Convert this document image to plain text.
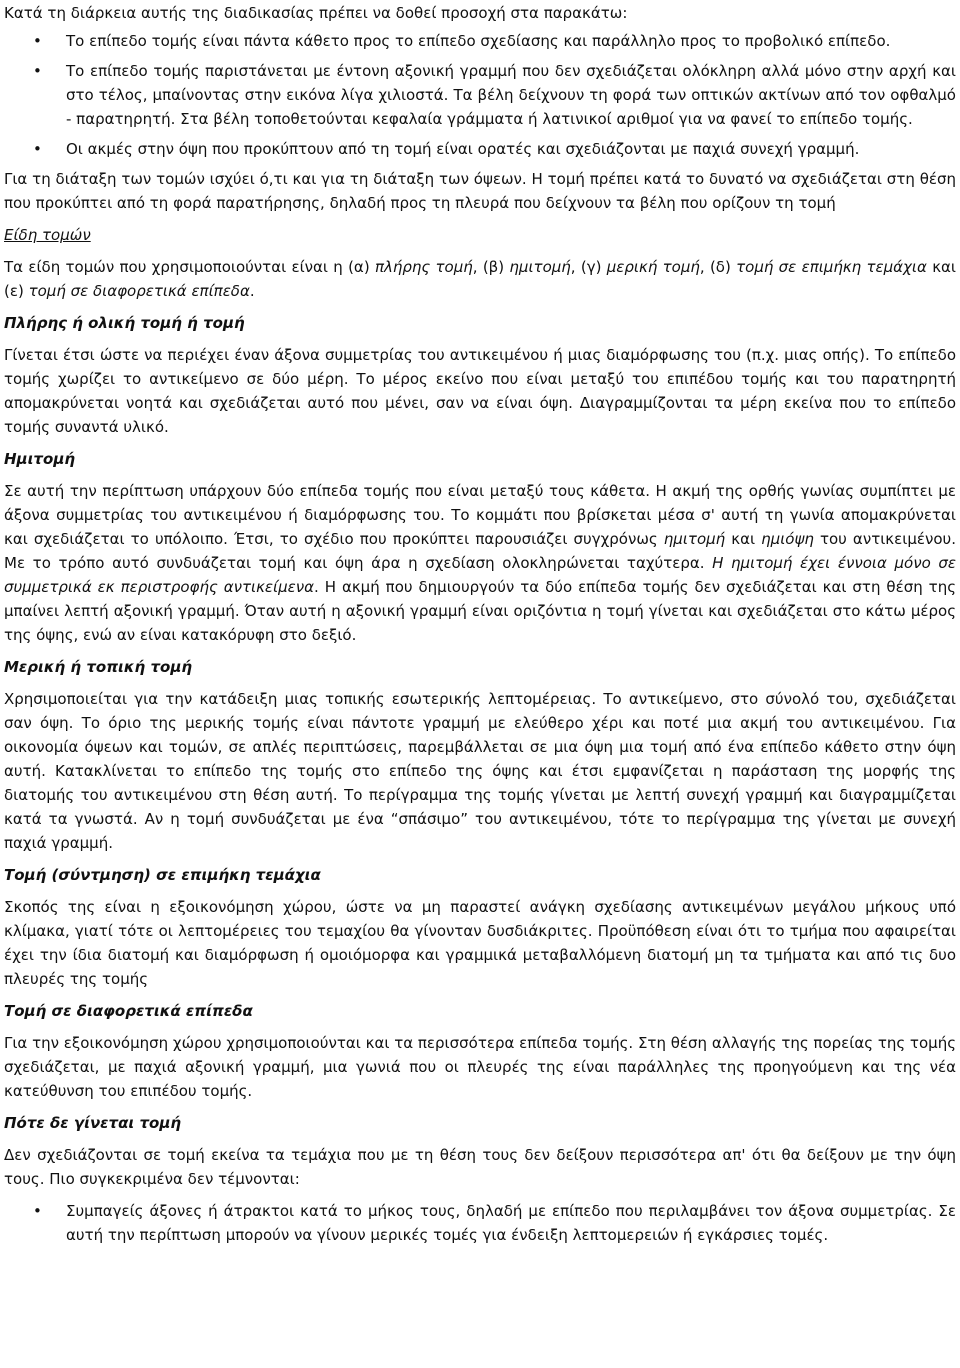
Κατά τη διάρκεια αυτής της διαδικασίας πρέπει να δοθεί προσοχή στα παρακάτω:

• Το επίπεδο τομής είναι πάντα κάθετο προς το επίπεδο σχεδίασης και παράλληλο προς το προβολικό επίπεδο.
• Το επίπεδο τομής παριστάνεται με έντονη αξονική γραμμή που δεν σχεδιάζεται ολόκληρη αλλά μόνο στην αρχή και στο τέλος, μπαίνοντας στην εικόνα λίγα χιλιοστά. Τα βέλη δείχνουν τη φορά των οπτικών ακτίνων από τον οφθαλμό - παρατηρητή. Στα βέλη τοποθετούνται κεφαλαία γράμματα ή λατινικοί αριθμοί για να φανεί το επίπεδο τομής.
• Οι ακμές στην όψη που προκύπτουν από τη τομή είναι ορατές και σχεδιάζονται με παχιά συνεχή γραμμή.

Για τη διάταξη των τομών ισχύει ό,τι και για τη διάταξη των όψεων. Η τομή πρέπει κατά το δυνατό να σχεδιάζεται στη θέση που προκύπτει από τη φορά παρατήρησης, δηλαδή προς τη πλευρά που δείχνουν τα βέλη που ορίζουν τη τομή

Είδη τομών

Τα είδη τομών που χρησιμοποιούνται είναι η (α) πλήρης τομή, (β) ημιτομή, (γ) μερική τομή, (δ) τομή σε επιμήκη τεμάχια και (ε) τομή σε διαφορετικά επίπεδα.

Πλήρης ή ολική τομή ή τομή

Γίνεται έτσι ώστε να περιέχει έναν άξονα συμμετρίας του αντικειμένου ή μιας διαμόρφωσης του (π.χ. μιας οπής). Το επίπεδο τομής χωρίζει το αντικείμενο σε δύο μέρη. Το μέρος εκείνο που είναι μεταξύ του επιπέδου τομής και του παρατηρητή απομακρύνεται νοητά και σχεδιάζεται αυτό που μένει, σαν να είναι όψη. Διαγραμμίζονται τα μέρη εκείνα που το επίπεδο τομής συναντά υλικό.

Ημιτομή

Σε αυτή την περίπτωση υπάρχουν δύο επίπεδα τομής που είναι μεταξύ τους κάθετα. Η ακμή της ορθής γωνίας συμπίπτει με άξονα συμμετρίας του αντικειμένου ή διαμόρφωσης του. Το κομμάτι που βρίσκεται μέσα σ' αυτή τη γωνία απομακρύνεται και σχεδιάζεται το υπόλοιπο. Έτσι, το σχέδιο που προκύπτει παρουσιάζει συγχρόνως ημιτομή και ημιόψη του αντικειμένου. Με το τρόπο αυτό συνδυάζεται τομή και όψη άρα η σχεδίαση ολοκληρώνεται ταχύτερα. Η ημιτομή έχει έννοια μόνο σε συμμετρικά εκ περιστροφής αντικείμενα. Η ακμή που δημιουργούν τα δύο επίπεδα τομής δεν σχεδιάζεται και στη θέση της μπαίνει λεπτή αξονική γραμμή. Όταν αυτή η αξονική γραμμή είναι οριζόντια η τομή γίνεται και σχεδιάζεται στο κάτω μέρος της όψης, ενώ αν είναι κατακόρυφη στο δεξιό.

Μερική ή τοπική τομή

Χρησιμοποιείται για την κατάδειξη μιας τοπικής εσωτερικής λεπτομέρειας. Το αντικείμενο, στο σύνολό του, σχεδιάζεται σαν όψη. Το όριο της μερικής τομής είναι πάντοτε γραμμή με ελεύθερο χέρι και ποτέ μια ακμή του αντικειμένου. Για οικονομία όψεων και τομών, σε απλές περιπτώσεις, παρεμβάλλεται σε μια όψη μια τομή από ένα επίπεδο κάθετο στην όψη αυτή. Κατακλίνεται το επίπεδο της τομής στο επίπεδο της όψης και έτσι εμφανίζεται η παράσταση της μορφής της διατομής του αντικειμένου στη θέση αυτή. Το περίγραμμα της τομής γίνεται με λεπτή συνεχή γραμμή και διαγραμμίζεται κατά τα γνωστά. Αν η τομή συνδυάζεται με ένα “σπάσιμο” του αντικειμένου, τότε το περίγραμμα της γίνεται με συνεχή παχιά γραμμή.

Τομή (σύντμηση) σε επιμήκη τεμάχια

Σκοπός της είναι η εξοικονόμηση χώρου, ώστε να μη παραστεί ανάγκη σχεδίασης αντικειμένων μεγάλου μήκους υπό κλίμακα, γιατί τότε οι λεπτομέρειες του τεμαχίου θα γίνονταν δυσδιάκριτες. Προϋπόθεση είναι ότι το τμήμα που αφαιρείται έχει την ίδια διατομή και διαμόρφωση ή ομοιόμορφα και γραμμικά μεταβαλλόμενη διατομή μη τα τμήματα και από τις δυο πλευρές της τομής

Τομή σε διαφορετικά επίπεδα

Για την εξοικονόμηση χώρου χρησιμοποιούνται και τα περισσότερα επίπεδα τομής. Στη θέση αλλαγής της πορείας της τομής σχεδιάζεται, με παχιά αξονική γραμμή, μια γωνιά που οι πλευρές της είναι παράλληλες της προηγούμενη και της νέα κατεύθυνση του επιπέδου τομής.

Πότε δε γίνεται τομή

Δεν σχεδιάζονται σε τομή εκείνα τα τεμάχια που με τη θέση τους δεν δείξουν περισσότερα απ' ότι θα δείξουν με την όψη τους. Πιο συγκεκριμένα δεν τέμνονται:

• Συμπαγείς άξονες ή άτρακτοι κατά το μήκος τους, δηλαδή με επίπεδο που περιλαμβάνει τον άξονα συμμετρίας. Σε αυτή την περίπτωση μπορούν να γίνουν μερικές τομές για ένδειξη λεπτομερειών ή εγκάρσιες τομές.
